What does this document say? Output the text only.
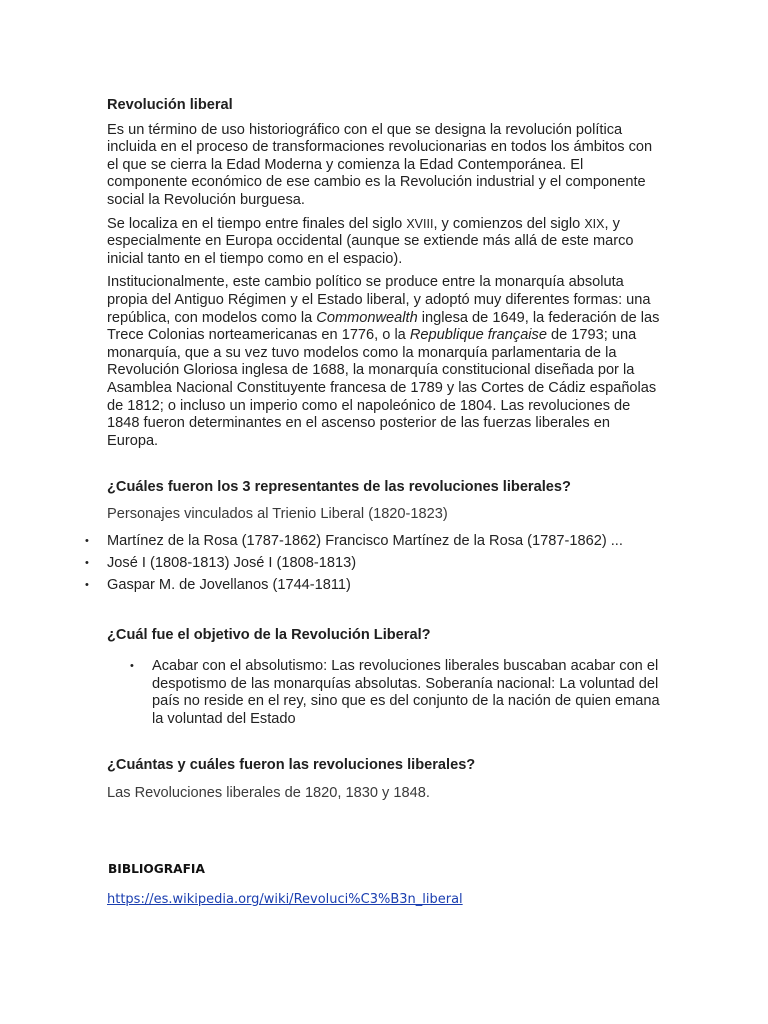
Revolución liberal

Es un término de uso historiográfico con el que se designa la revolución política incluida en el proceso de transformaciones revolucionarias en todos los ámbitos con el que se cierra la Edad Moderna y comienza la Edad Contemporánea. El componente económico de ese cambio es la Revolución industrial y el componente social la Revolución burguesa.

Se localiza en el tiempo entre finales del siglo XVIII, y comienzos del siglo XIX, y especialmente en Europa occidental (aunque se extiende más allá de este marco inicial tanto en el tiempo como en el espacio).

Institucionalmente, este cambio político se produce entre la monarquía absoluta propia del Antiguo Régimen y el Estado liberal, y adoptó muy diferentes formas: una república, con modelos como la Commonwealth inglesa de 1649, la federación de las Trece Colonias norteamericanas en 1776, o la Republique française de 1793; una monarquía, que a su vez tuvo modelos como la monarquía parlamentaria de la Revolución Gloriosa inglesa de 1688, la monarquía constitucional diseñada por la Asamblea Nacional Constituyente francesa de 1789 y las Cortes de Cádiz españolas de 1812; o incluso un imperio como el napoleónico de 1804. Las revoluciones de 1848 fueron determinantes en el ascenso posterior de las fuerzas liberales en Europa.

¿Cuáles fueron los 3 representantes de las revoluciones liberales?

Personajes vinculados al Trienio Liberal (1820-1823)

• Martínez de la Rosa (1787-1862) Francisco Martínez de la Rosa (1787-1862) ...
• José I (1808-1813) José I (1808-1813)
• Gaspar M. de Jovellanos (1744-1811)

¿Cuál fue el objetivo de la Revolución Liberal?

• Acabar con el absolutismo: Las revoluciones liberales buscaban acabar con el despotismo de las monarquías absolutas. Soberanía nacional: La voluntad del país no reside en el rey, sino que es del conjunto de la nación de quien emana la voluntad del Estado

¿Cuántas y cuáles fueron las revoluciones liberales?

Las Revoluciones liberales de 1820, 1830 y 1848.

BIBLIOGRAFIA

https://es.wikipedia.org/wiki/Revoluci%C3%B3n_liberal
